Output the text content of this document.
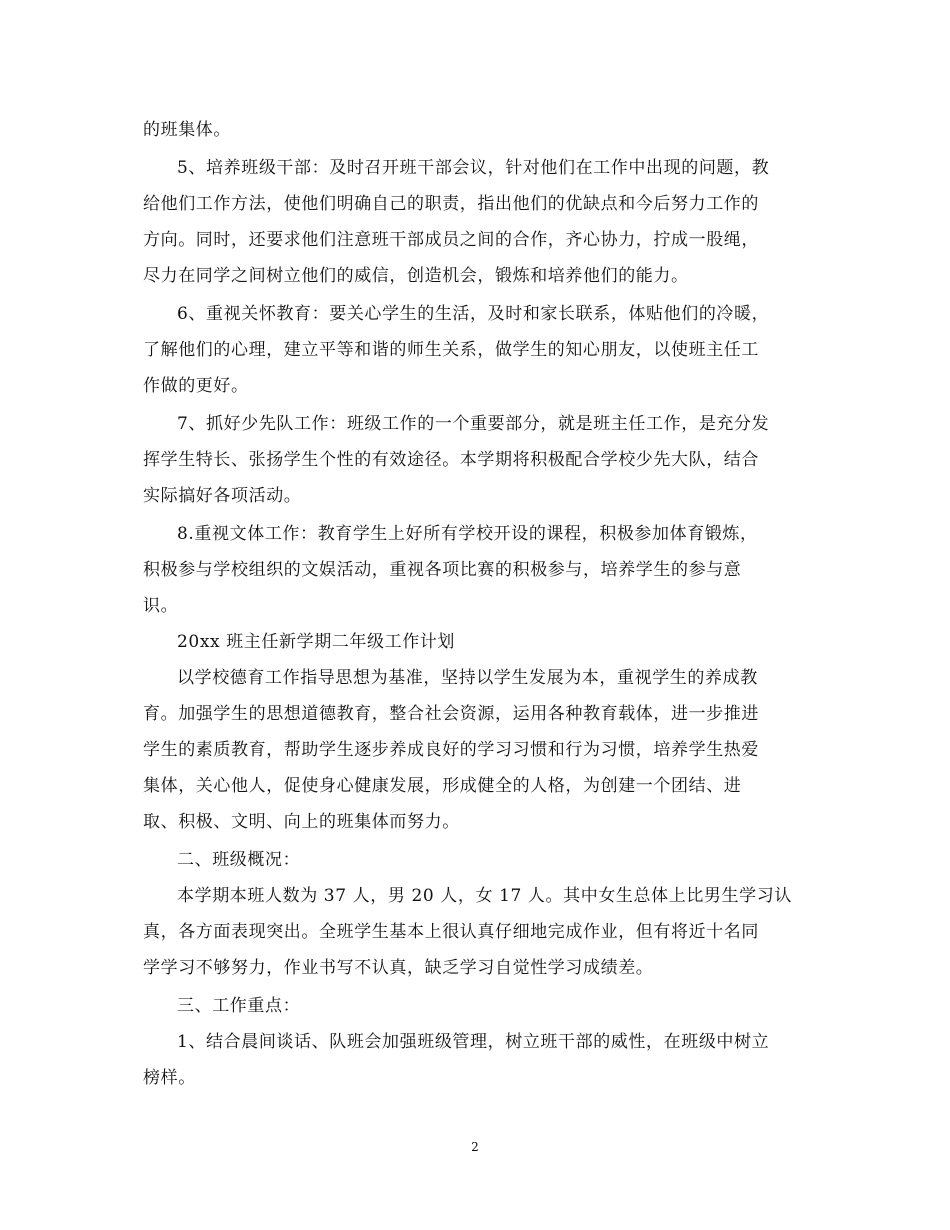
的班集体。
5、培养班级干部：及时召开班干部会议，针对他们在工作中出现的问题，教
给他们工作方法，使他们明确自己的职责，指出他们的优缺点和今后努力工作的
方向。同时，还要求他们注意班干部成员之间的合作，齐心协力，拧成一股绳，
尽力在同学之间树立他们的威信，创造机会，锻炼和培养他们的能力。
6、重视关怀教育：要关心学生的生活，及时和家长联系，体贴他们的冷暖，
了解他们的心理，建立平等和谐的师生关系，做学生的知心朋友，以使班主任工
作做的更好。
7、抓好少先队工作：班级工作的一个重要部分，就是班主任工作，是充分发
挥学生特长、张扬学生个性的有效途径。本学期将积极配合学校少先大队，结合
实际搞好各项活动。
8.重视文体工作：教育学生上好所有学校开设的课程，积极参加体育锻炼，
积极参与学校组织的文娱活动，重视各项比赛的积极参与，培养学生的参与意
识。
20xx 班主任新学期二年级工作计划
以学校德育工作指导思想为基准，坚持以学生发展为本，重视学生的养成教
育。加强学生的思想道德教育，整合社会资源，运用各种教育载体，进一步推进
学生的素质教育，帮助学生逐步养成良好的学习习惯和行为习惯，培养学生热爱
集体，关心他人，促使身心健康发展，形成健全的人格，为创建一个团结、进
取、积极、文明、向上的班集体而努力。
二、班级概况：
本学期本班人数为 37 人，男 20 人，女 17 人。其中女生总体上比男生学习认
真，各方面表现突出。全班学生基本上很认真仔细地完成作业，但有将近十名同
学学习不够努力，作业书写不认真，缺乏学习自觉性学习成绩差。
三、工作重点：
1、结合晨间谈话、队班会加强班级管理，树立班干部的威性，在班级中树立
榜样。
2
